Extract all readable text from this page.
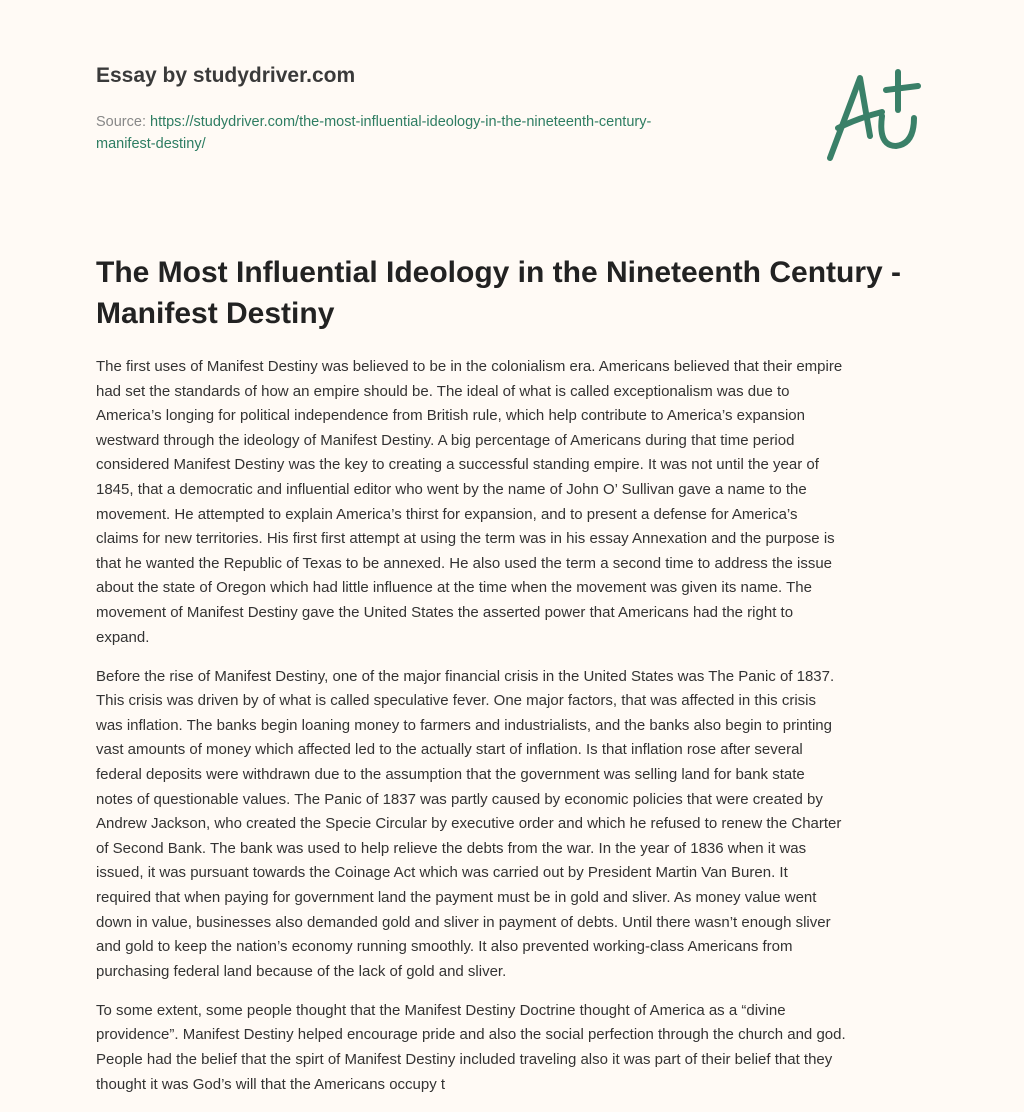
Essay by studydriver.com
Source: https://studydriver.com/the-most-influential-ideology-in-the-nineteenth-century-
manifest-destiny/
The Most Influential Ideology in the Nineteenth Century -
Manifest Destiny

The first uses of Manifest Destiny was believed to be in the colonialism era. Americans believed that their empire
had set the standards of how an empire should be. The ideal of what is called exceptionalism was due to
America’s longing for political independence from British rule, which help contribute to America’s expansion
westward through the ideology of Manifest Destiny. A big percentage of Americans during that time period
considered Manifest Destiny was the key to creating a successful standing empire. It was not until the year of
1845, that a democratic and influential editor who went by the name of John O’ Sullivan gave a name to the
movement. He attempted to explain America’s thirst for expansion, and to present a defense for America’s
claims for new territories. His first first attempt at using the term was in his essay Annexation and the purpose is
that he wanted the Republic of Texas to be annexed. He also used the term a second time to address the issue
about the state of Oregon which had little influence at the time when the movement was given its name. The
movement of Manifest Destiny gave the United States the asserted power that Americans had the right to
expand.

Before the rise of Manifest Destiny, one of the major financial crisis in the United States was The Panic of 1837.
This crisis was driven by of what is called speculative fever. One major factors, that was affected in this crisis
was inflation. The banks begin loaning money to farmers and industrialists, and the banks also begin to printing
vast amounts of money which affected led to the actually start of inflation. Is that inflation rose after several
federal deposits were withdrawn due to the assumption that the government was selling land for bank state
notes of questionable values. The Panic of 1837 was partly caused by economic policies that were created by
Andrew Jackson, who created the Specie Circular by executive order and which he refused to renew the Charter
of Second Bank. The bank was used to help relieve the debts from the war. In the year of 1836 when it was
issued, it was pursuant towards the Coinage Act which was carried out by President Martin Van Buren. It
required that when paying for government land the payment must be in gold and sliver. As money value went
down in value, businesses also demanded gold and sliver in payment of debts. Until there wasn’t enough sliver
and gold to keep the nation’s economy running smoothly. It also prevented working-class Americans from
purchasing federal land because of the lack of gold and sliver.

To some extent, some people thought that the Manifest Destiny Doctrine thought of America as a “divine
providence”. Manifest Destiny helped encourage pride and also the social perfection through the church and god.
People had the belief that the spirt of Manifest Destiny included traveling also it was part of their belief that they
thought it was God’s will that the Americans occupy t
